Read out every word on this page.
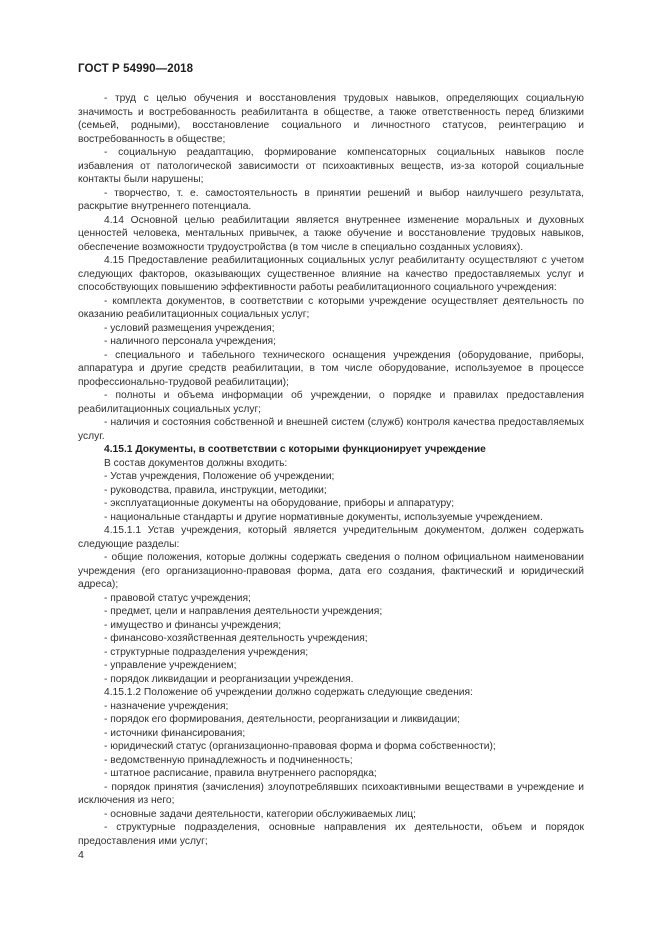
ГОСТ Р 54990—2018

- труд с целью обучения и восстановления трудовых навыков, определяющих социальную значимость и востребованность реабилитанта в обществе, а также ответственность перед близкими (семьей, родными), восстановление социального и личностного статусов, реинтеграцию и востребованность в обществе;

- социальную реадаптацию, формирование компенсаторных социальных навыков после избавления от патологической зависимости от психоактивных веществ, из-за которой социальные контакты были нарушены;

- творчество, т. е. самостоятельность в принятии решений и выбор наилучшего результата, раскрытие внутреннего потенциала.

4.14 Основной целью реабилитации является внутреннее изменение моральных и духовных ценностей человека, ментальных привычек, а также обучение и восстановление трудовых навыков, обеспечение возможности трудоустройства (в том числе в специально созданных условиях).

4.15 Предоставление реабилитационных социальных услуг реабилитанту осуществляют с учетом следующих факторов, оказывающих существенное влияние на качество предоставляемых услуг и способствующих повышению эффективности работы реабилитационного социального учреждения:

- комплекта документов, в соответствии с которыми учреждение осуществляет деятельность по оказанию реабилитационных социальных услуг;

- условий размещения учреждения;

- наличного персонала учреждения;

- специального и табельного технического оснащения учреждения (оборудование, приборы, аппаратура и другие средств реабилитации, в том числе оборудование, используемое в процессе профессионально-трудовой реабилитации);

- полноты и объема информации об учреждении, о порядке и правилах предоставления реабилитационных социальных услуг;

- наличия и состояния собственной и внешней систем (служб) контроля качества предоставляемых услуг.

4.15.1 Документы, в соответствии с которыми функционирует учреждение

В состав документов должны входить:

- Устав учреждения, Положение об учреждении;

- руководства, правила, инструкции, методики;

- эксплуатационные документы на оборудование, приборы и аппаратуру;

- национальные стандарты и другие нормативные документы, используемые учреждением.

4.15.1.1 Устав учреждения, который является учредительным документом, должен содержать следующие разделы:

- общие положения, которые должны содержать сведения о полном официальном наименовании учреждения (его организационно-правовая форма, дата его создания, фактический и юридический адреса);

- правовой статус учреждения;

- предмет, цели и направления деятельности учреждения;

- имущество и финансы учреждения;

- финансово-хозяйственная деятельность учреждения;

- структурные подразделения учреждения;

- управление учреждением;

- порядок ликвидации и реорганизации учреждения.

4.15.1.2 Положение об учреждении должно содержать следующие сведения:

- назначение учреждения;

- порядок его формирования, деятельности, реорганизации и ликвидации;

- источники финансирования;

- юридический статус (организационно-правовая форма и форма собственности);

- ведомственную принадлежность и подчиненность;

- штатное расписание, правила внутреннего распорядка;

- порядок принятия (зачисления) злоупотреблявших психоактивными веществами в учреждение и исключения из него;

- основные задачи деятельности, категории обслуживаемых лиц;

- структурные подразделения, основные направления их деятельности, объем и порядок предоставления ими услуг;

4
